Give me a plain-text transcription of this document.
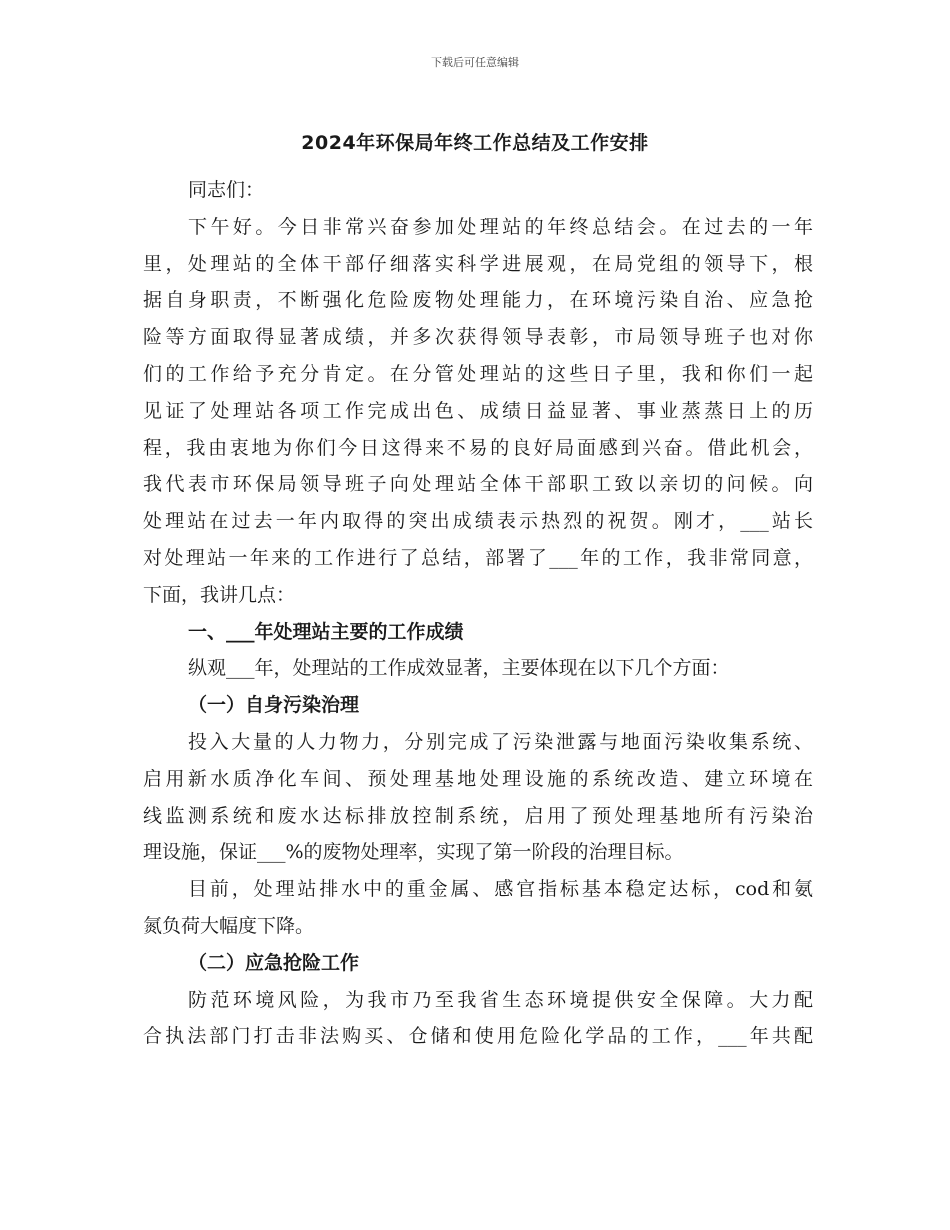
下载后可任意编辑
2024年环保局年终工作总结及工作安排
同志们：
下午好。今日非常兴奋参加处理站的年终总结会。在过去的一年
里，处理站的全体干部仔细落实科学进展观，在局党组的领导下，根
据自身职责，不断强化危险废物处理能力，在环境污染自治、应急抢
险等方面取得显著成绩，并多次获得领导表彰，市局领导班子也对你
们的工作给予充分肯定。在分管处理站的这些日子里，我和你们一起
见证了处理站各项工作完成出色、成绩日益显著、事业蒸蒸日上的历
程，我由衷地为你们今日这得来不易的良好局面感到兴奋。借此机会，
我代表市环保局领导班子向处理站全体干部职工致以亲切的问候。向
处理站在过去一年内取得的突出成绩表示热烈的祝贺。刚才，___站长
对处理站一年来的工作进行了总结，部署了___年的工作，我非常同意，
下面，我讲几点：
一、___年处理站主要的工作成绩
纵观___年，处理站的工作成效显著，主要体现在以下几个方面：
（一）自身污染治理
投入大量的人力物力，分别完成了污染泄露与地面污染收集系统、
启用新水质净化车间、预处理基地处理设施的系统改造、建立环境在
线监测系统和废水达标排放控制系统，启用了预处理基地所有污染治
理设施，保证___%的废物处理率，实现了第一阶段的治理目标。
目前，处理站排水中的重金属、感官指标基本稳定达标，cod和氨
氮负荷大幅度下降。
（二）应急抢险工作
防范环境风险，为我市乃至我省生态环境提供安全保障。大力配
合执法部门打击非法购买、仓储和使用危险化学品的工作，___年共配
